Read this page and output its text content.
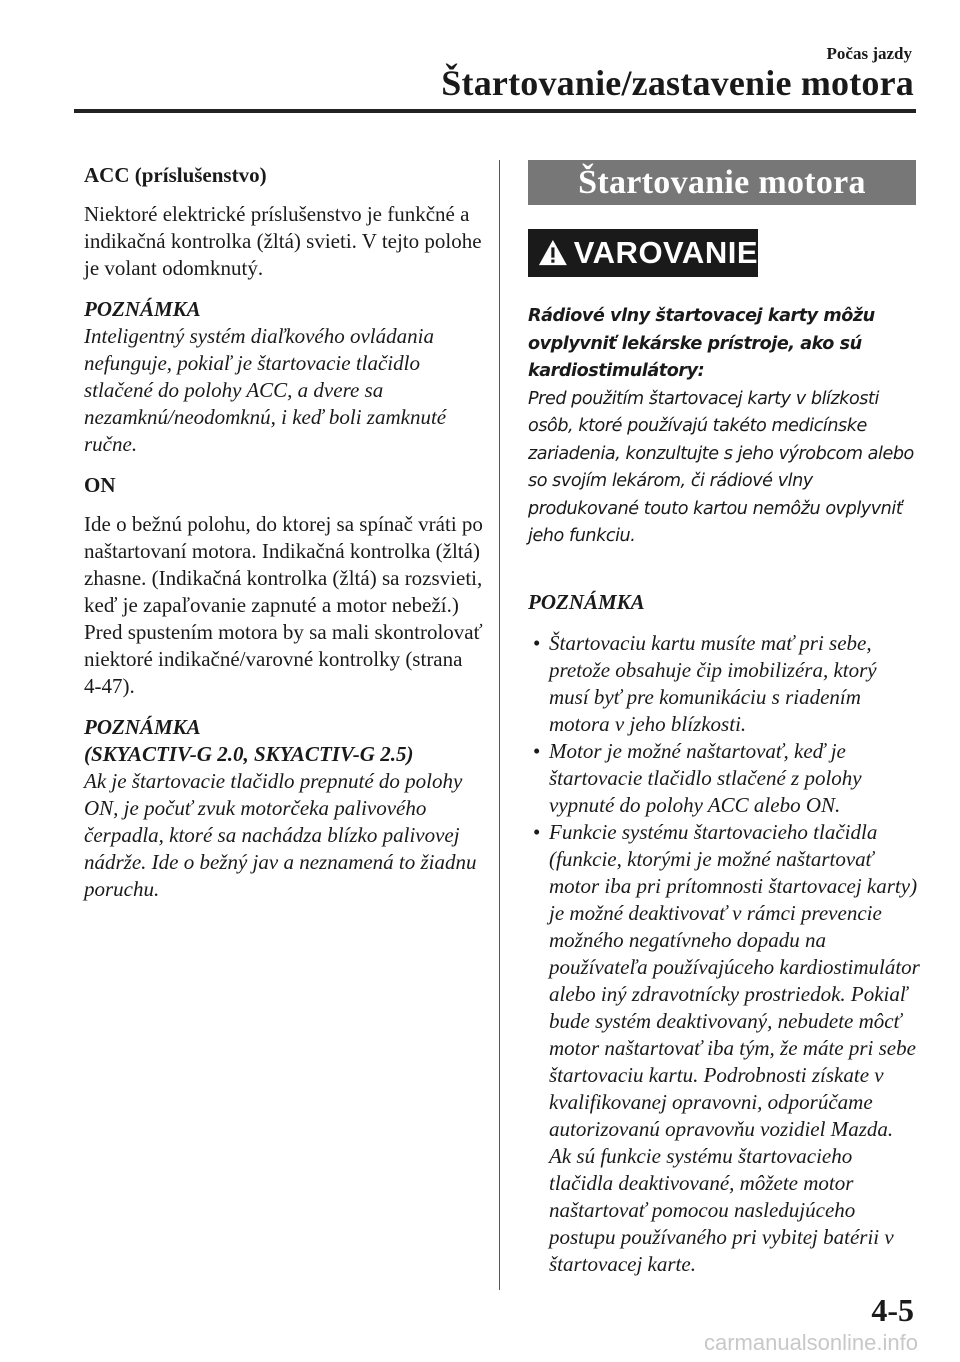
Počas jazdy
Štartovanie/zastavenie motora

ACC (príslušenstvo)

Niektoré elektrické príslušenstvo je funkčné a indikačná kontrolka (žltá) svieti. V tejto polohe je volant odomknutý.

POZNÁMKA

Inteligentný systém diaľkového ovládania nefunguje, pokiaľ je štartovacie tlačidlo stlačené do polohy ACC, a dvere sa nezamknú/neodomknú, i keď boli zamknuté ručne.

ON

Ide o bežnú polohu, do ktorej sa spínač vráti po naštartovaní motora. Indikačná kontrolka (žltá) zhasne. (Indikačná kontrolka (žltá) sa rozsvieti, keď je zapaľovanie zapnuté a motor nebeží.) Pred spustením motora by sa mali skontrolovať niektoré indikačné/varovné kontrolky (strana 4-47).

POZNÁMKA

(SKYACTIV-G 2.0, SKYACTIV-G 2.5)

Ak je štartovacie tlačidlo prepnuté do polohy ON, je počuť zvuk motorčeka palivového čerpadla, ktoré sa nachádza blízko palivovej nádrže. Ide o bežný jav a neznamená to žiadnu poruchu.

Štartovanie motora
VAROVANIE
Rádiové vlny štartovacej karty môžu ovplyvniť lekárske prístroje, ako sú kardiostimulátory:
Pred použitím štartovacej karty v blízkosti osôb, ktoré používajú takéto medicínske zariadenia, konzultujte s jeho výrobcom alebo so svojím lekárom, či rádiové vlny produkované touto kartou nemôžu ovplyvniť jeho funkciu.
POZNÁMKA
• Štartovaciu kartu musíte mať pri sebe, pretože obsahuje čip imobilizéra, ktorý musí byť pre komunikáciu s riadením motora v jeho blízkosti.
• Motor je možné naštartovať, keď je štartovacie tlačidlo stlačené z polohy vypnuté do polohy ACC alebo ON.
• Funkcie systému štartovacieho tlačidla (funkcie, ktorými je možné naštartovať motor iba pri prítomnosti štartovacej karty) je možné deaktivovať v rámci prevencie možného negatívneho dopadu na používateľa používajúceho kardiostimulátor alebo iný zdravotnícky prostriedok. Pokiaľ bude systém deaktivovaný, nebudete môcť motor naštartovať iba tým, že máte pri sebe štartovaciu kartu. Podrobnosti získate v kvalifikovanej opravovni, odporúčame autorizovanú opravovňu vozidiel Mazda. Ak sú funkcie systému štartovacieho tlačidla deaktivované, môžete motor naštartovať pomocou nasledujúceho postupu používaného pri vybitej batérii v štartovacej karte.
4-5
carmanualsonline.info
